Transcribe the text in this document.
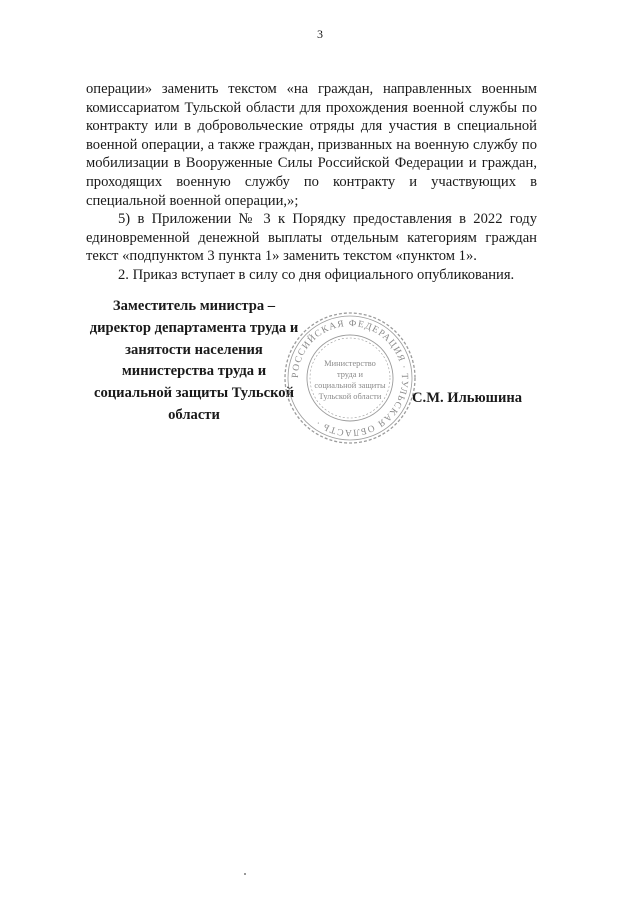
3

операции» заменить текстом «на граждан, направленных военным комиссариатом Тульской области для прохождения военной службы по контракту или в добровольческие отряды для участия в специальной военной операции, а также граждан, призванных на военную службу по мобилизации в Вооруженные Силы Российской Федерации и граждан, проходящих военную службу по контракту и участвующих в специальной военной операции,»;

5) в Приложении № 3 к Порядку предоставления в 2022 году единовременной денежной выплаты отдельным категориям граждан текст «подпунктом 3 пункта 1» заменить текстом «пунктом 1».

2. Приказ вступает в силу со дня официального опубликования.

Заместитель министра –
директор департамента труда и
занятости населения
министерства труда и
социальной защиты Тульской
области
РОССИЙСКАЯ ФЕДЕРАЦИЯ ∙ ТУЛЬСКАЯ ОБЛАСТЬ ∙
Министерство
труда и
социальной защиты
Тульской области С.М. Ильюшина
